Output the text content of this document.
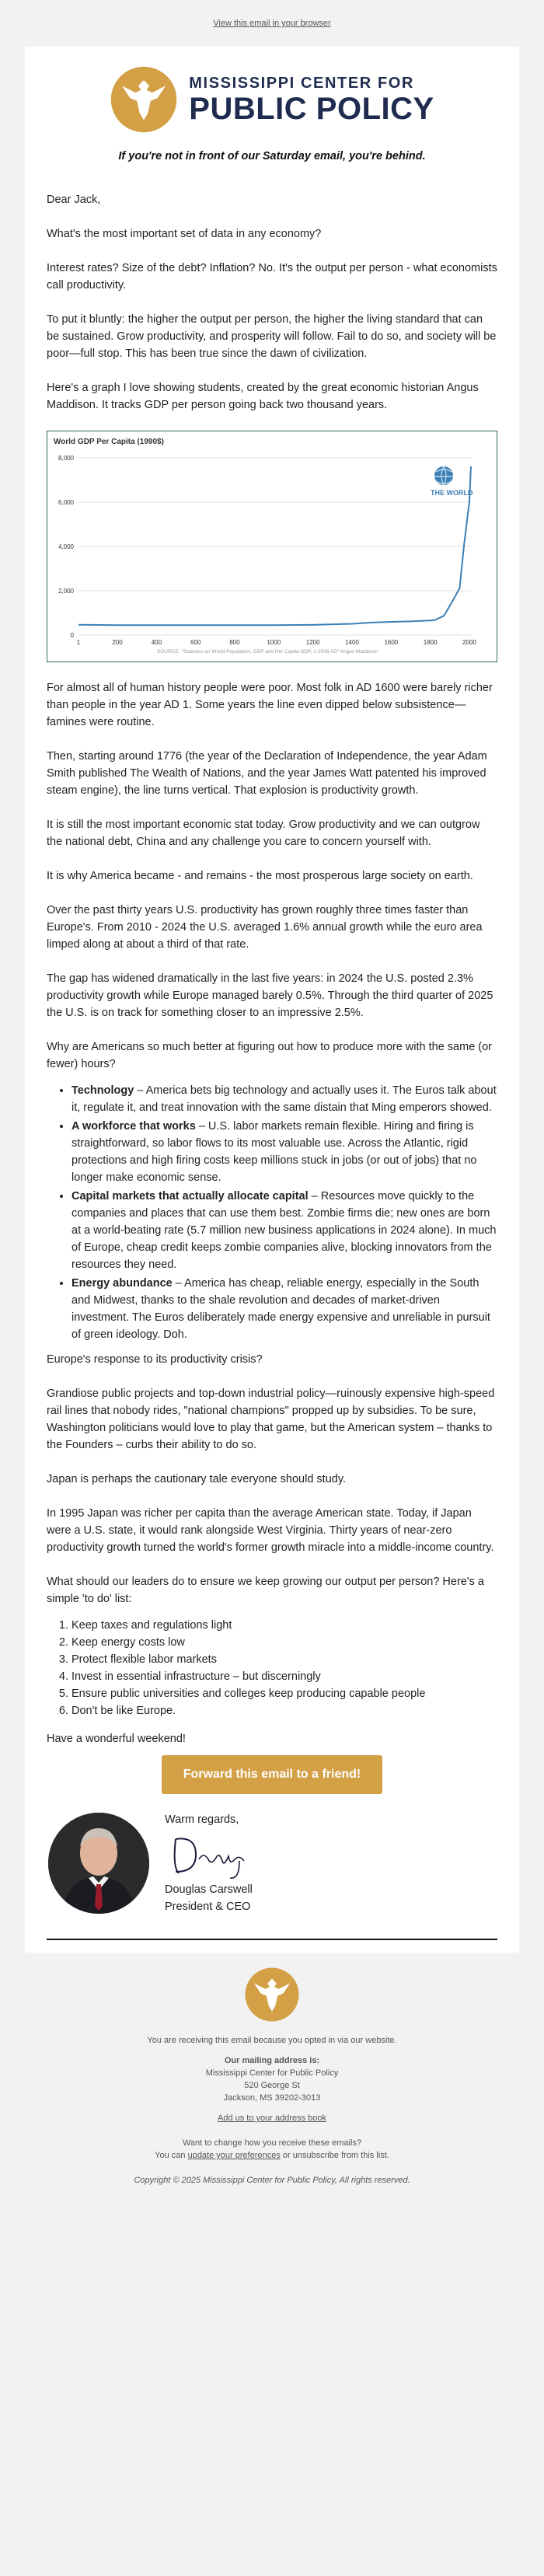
View this email in your browser
MISSISSIPPI CENTER FOR
PUBLIC POLICY

If you're not in front of our Saturday email, you're behind.

Dear Jack,

What's the most important set of data in any economy?

Interest rates? Size of the debt? Inflation? No. It's the output per person - what economists call productivity.

To put it bluntly: the higher the output per person, the higher the living standard that can be sustained. Grow productivity, and prosperity will follow. Fail to do so, and society will be poor—full stop. This has been true since the dawn of civilization.

Here's a graph I love showing students, created by the great economic historian Angus Maddison. It tracks GDP per person going back two thousand years.

World GDP Per Capita (1990$)
0
2,000
4,000
6,000
8,000
1	200	400	600	800	1000	1200	1400	1600	1800	2000
THE WORLD
SOURCE: "Statistics on World Population, GDP and Per Capita GDP, 1-2008 AD" Angus Maddison

For almost all of human history people were poor. Most folk in AD 1600 were barely richer than people in the year AD 1. Some years the line even dipped below subsistence—famines were routine.

Then, starting around 1776 (the year of the Declaration of Independence, the year Adam Smith published The Wealth of Nations, and the year James Watt patented his improved steam engine), the line turns vertical. That explosion is productivity growth.

It is still the most important economic stat today. Grow productivity and we can outgrow the national debt, China and any challenge you care to concern yourself with.

It is why America became - and remains - the most prosperous large society on earth.

Over the past thirty years U.S. productivity has grown roughly three times faster than Europe's. From 2010 - 2024 the U.S. averaged 1.6% annual growth while the euro area limped along at about a third of that rate.

The gap has widened dramatically in the last five years: in 2024 the U.S. posted 2.3% productivity growth while Europe managed barely 0.5%. Through the third quarter of 2025 the U.S. is on track for something closer to an impressive 2.5%.

Why are Americans so much better at figuring out how to produce more with the same (or fewer) hours?

• Technology – America bets big technology and actually uses it. The Euros talk about it, regulate it, and treat innovation with the same distain that Ming emperors showed.
• A workforce that works – U.S. labor markets remain flexible. Hiring and firing is straightforward, so labor flows to its most valuable use. Across the Atlantic, rigid protections and high firing costs keep millions stuck in jobs (or out of jobs) that no longer make economic sense.
• Capital markets that actually allocate capital – Resources move quickly to the companies and places that can use them best. Zombie firms die; new ones are born at a world-beating rate (5.7 million new business applications in 2024 alone). In much of Europe, cheap credit keeps zombie companies alive, blocking innovators from the resources they need.
• Energy abundance – America has cheap, reliable energy, especially in the South and Midwest, thanks to the shale revolution and decades of market-driven investment. The Euros deliberately made energy expensive and unreliable in pursuit of green ideology. Doh.

Europe's response to its productivity crisis?

Grandiose public projects and top-down industrial policy—ruinously expensive high-speed rail lines that nobody rides, "national champions" propped up by subsidies. To be sure, Washington politicians would love to play that game, but the American system – thanks to the Founders – curbs their ability to do so.

Japan is perhaps the cautionary tale everyone should study.

In 1995 Japan was richer per capita than the average American state. Today, if Japan were a U.S. state, it would rank alongside West Virginia. Thirty years of near-zero productivity growth turned the world's former growth miracle into a middle-income country.

What should our leaders do to ensure we keep growing our output per person? Here's a simple 'to do' list:

1. Keep taxes and regulations light
2. Keep energy costs low
3. Protect flexible labor markets
4. Invest in essential infrastructure – but discerningly
5. Ensure public universities and colleges keep producing capable people
6. Don't be like Europe.

Have a wonderful weekend!

Forward this email to a friend!

Warm regards,

Douglas Carswell

President & CEO

You are receiving this email because you opted in via our website.
Our mailing address is:
Mississippi Center for Public Policy
520 George St
Jackson, MS 39202-3013
Add us to your address book
Want to change how you receive these emails?
You can update your preferences or unsubscribe from this list.
Copyright © 2025 Mississippi Center for Public Policy, All rights reserved.
